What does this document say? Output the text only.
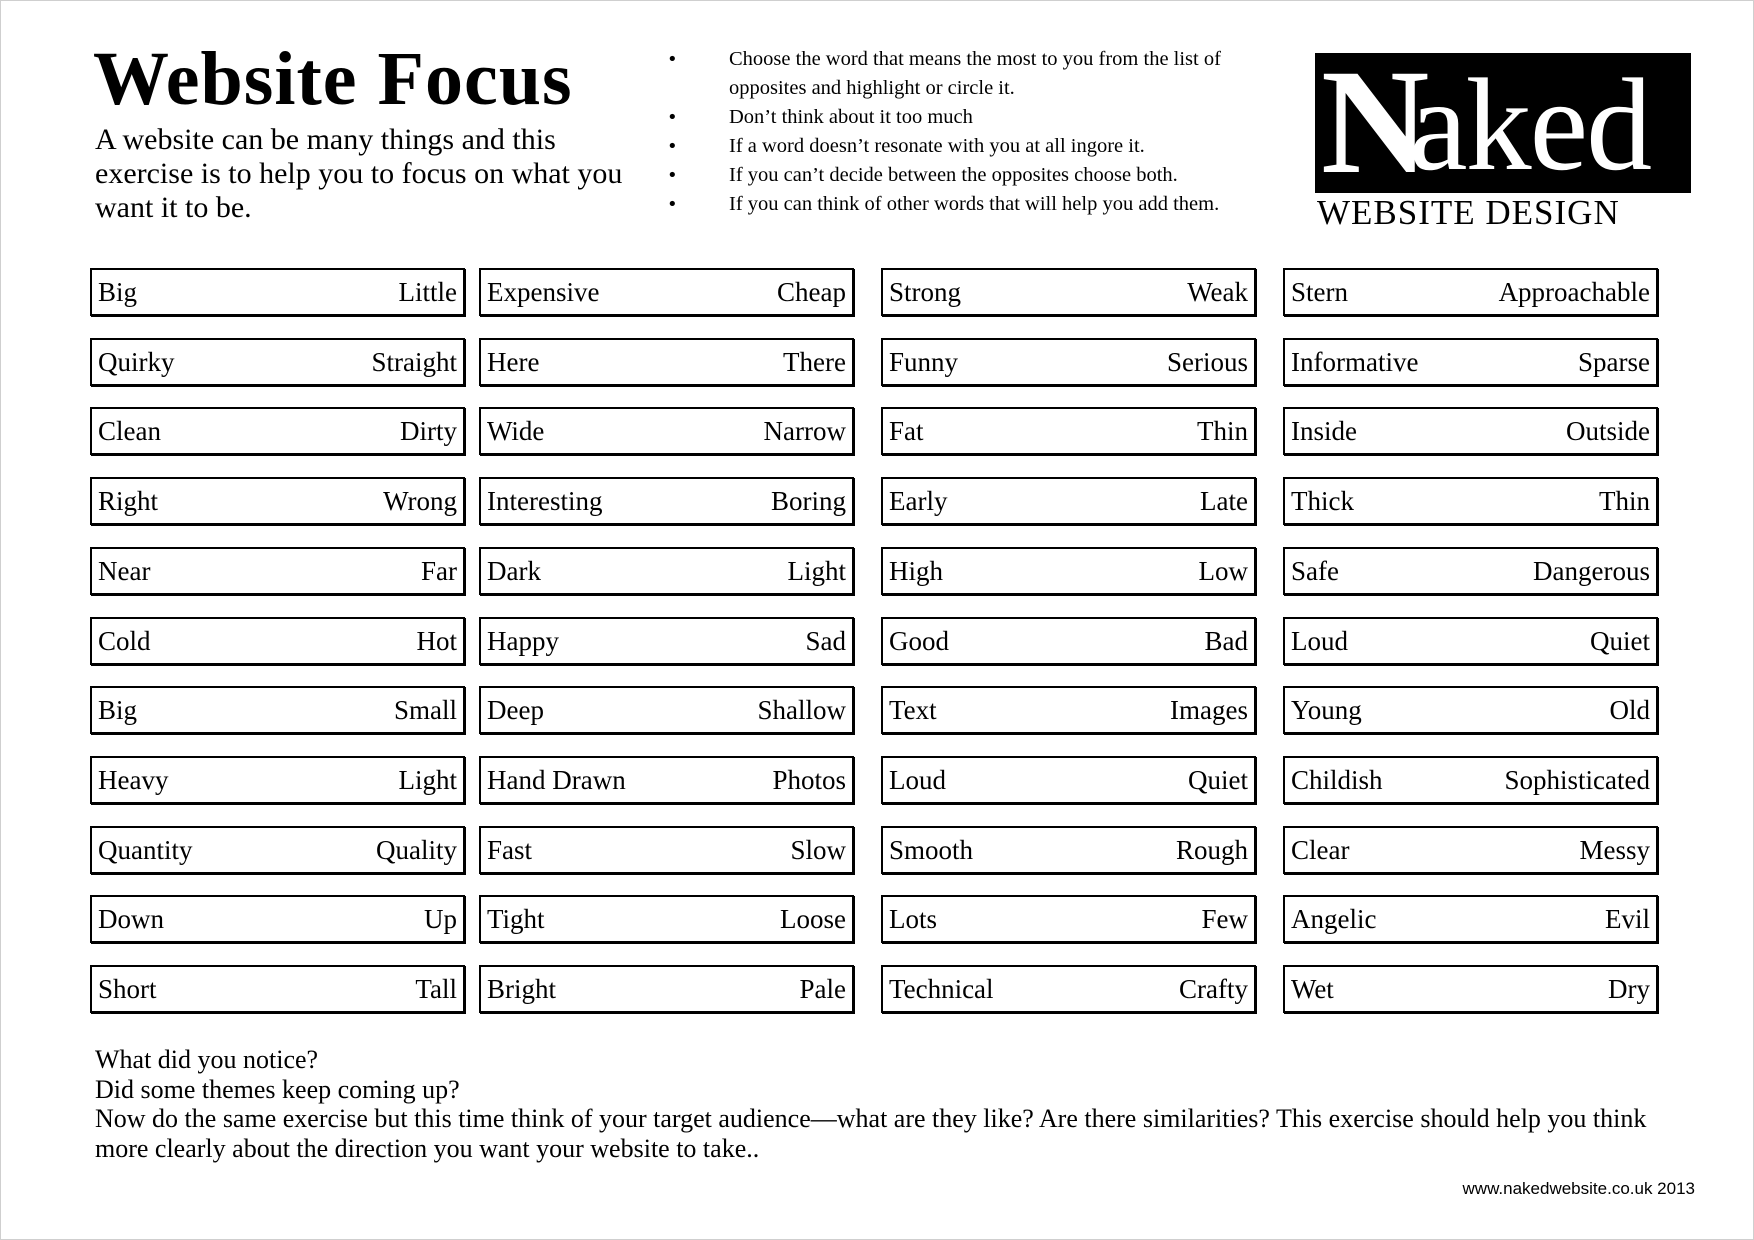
Website Focus

A website can be many things and this exercise is to help you to focus on what you want it to be.

• Choose the word that means the most to you from the list of opposites and highlight or circle it.
• Don’t think about it too much
• If a word doesn’t resonate with you at all ingore it.
• If you can’t decide between the opposites choose both.
• If you can think of other words that will help you add them. N
aked
WEBSITE DESIGN
Big	Little
Quirky	Straight
Clean	Dirty
Right	Wrong
Near	Far
Cold	Hot
Big	Small
Heavy	Light
Quantity	Quality
Down	Up
Short	Tall
Expensive	Cheap
Here	There
Wide	Narrow
Interesting	Boring
Dark	Light
Happy	Sad
Deep	Shallow
Hand Drawn	Photos
Fast	Slow
Tight	Loose
Bright	Pale
Strong	Weak
Funny	Serious
Fat	Thin
Early	Late
High	Low
Good	Bad
Text	Images
Loud	Quiet
Smooth	Rough
Lots	Few
Technical	Crafty
Stern	Approachable
Informative	Sparse
Inside	Outside
Thick	Thin
Safe	Dangerous
Loud	Quiet
Young	Old
Childish	Sophisticated
Clear	Messy
Angelic	Evil
Wet	Dry

What did you notice?

Did some themes keep coming up?

Now do the same exercise but this time think of your target audience—what are they like? Are there similarities? This exercise should help you think more clearly about the direction you want your website to take..

www.nakedwebsite.co.uk 2013
